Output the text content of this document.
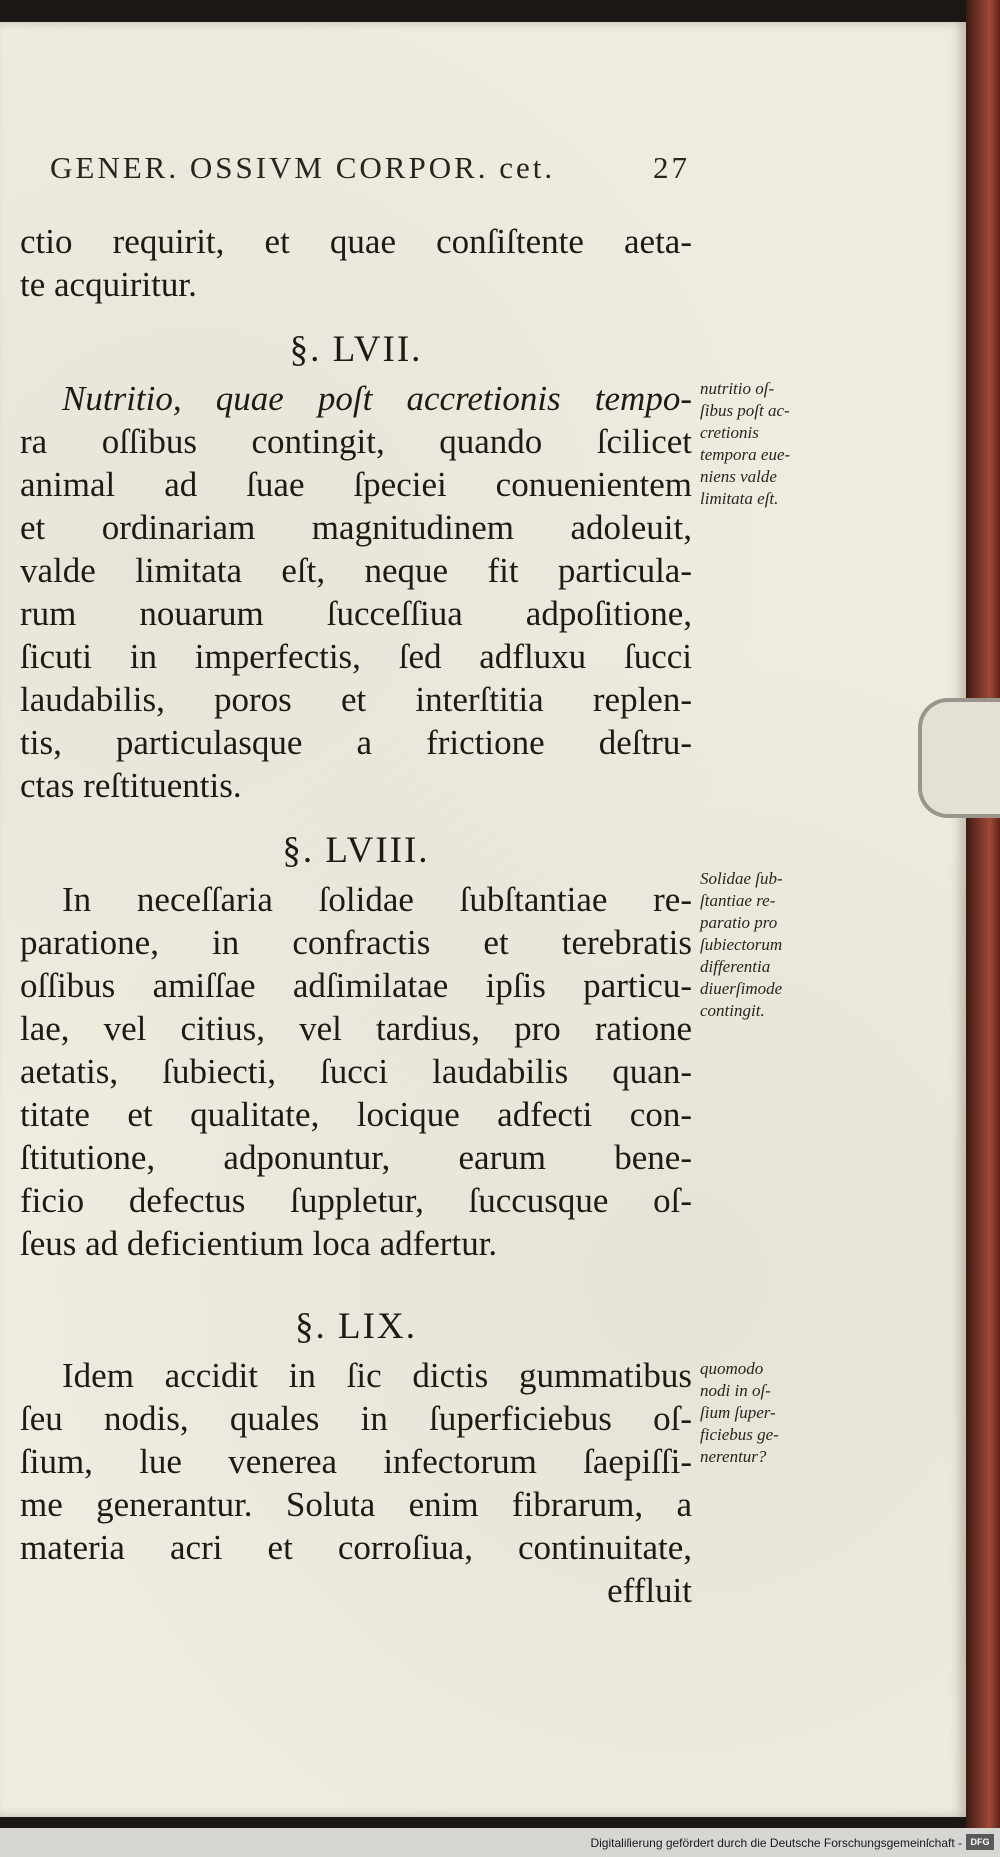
GENER. OSSIVM CORPOR. cet.	27
ctio requirit, et quae conſiſtente aeta-
te acquiritur.
§. LVII.
Nutritio, quae poſt accretionis tempo-
ra oſſibus contingit, quando ſcilicet
animal ad ſuae ſpeciei conuenientem
et ordinariam magnitudinem adoleuit,
valde limitata eſt, neque fit particula-
rum nouarum ſucceſſiua adpoſitione,
ſicuti in imperfectis, ſed adfluxu ſucci
laudabilis, poros et interſtitia replen-
tis, particulasque a frictione deſtru-
ctas reſtituentis.
§. LVIII.
In neceſſaria ſolidae ſubſtantiae re-
paratione, in confractis et terebratis
oſſibus amiſſae adſimilatae ipſis particu-
lae, vel citius, vel tardius, pro ratione
aetatis, ſubiecti, ſucci laudabilis quan-
titate et qualitate, locique adfecti con-
ſtitutione, adponuntur, earum bene-
ficio defectus ſuppletur, ſuccusque oſ-
ſeus ad deficientium loca adfertur.
§. LIX.
Idem accidit in ſic dictis gummatibus
ſeu nodis, quales in ſuperficiebus oſ-
ſium, lue venerea infectorum ſaepiſſi-
me generantur. Soluta enim fibrarum, a
materia acri et corroſiua, continuitate,
effluit
nutritio oſ-
ſibus poſt ac-
cretionis
tempora eue-
niens valde
limitata eſt.
Solidae ſub-
ſtantiae re-
paratio pro
ſubiectorum
differentia
diuerſimode
contingit.
quomodo
nodi in oſ-
ſium ſuper-
ficiebus ge-
nerentur?
Digitaliſierung gefördert durch die Deutsche Forschungsgemeinſchaft - DFG
